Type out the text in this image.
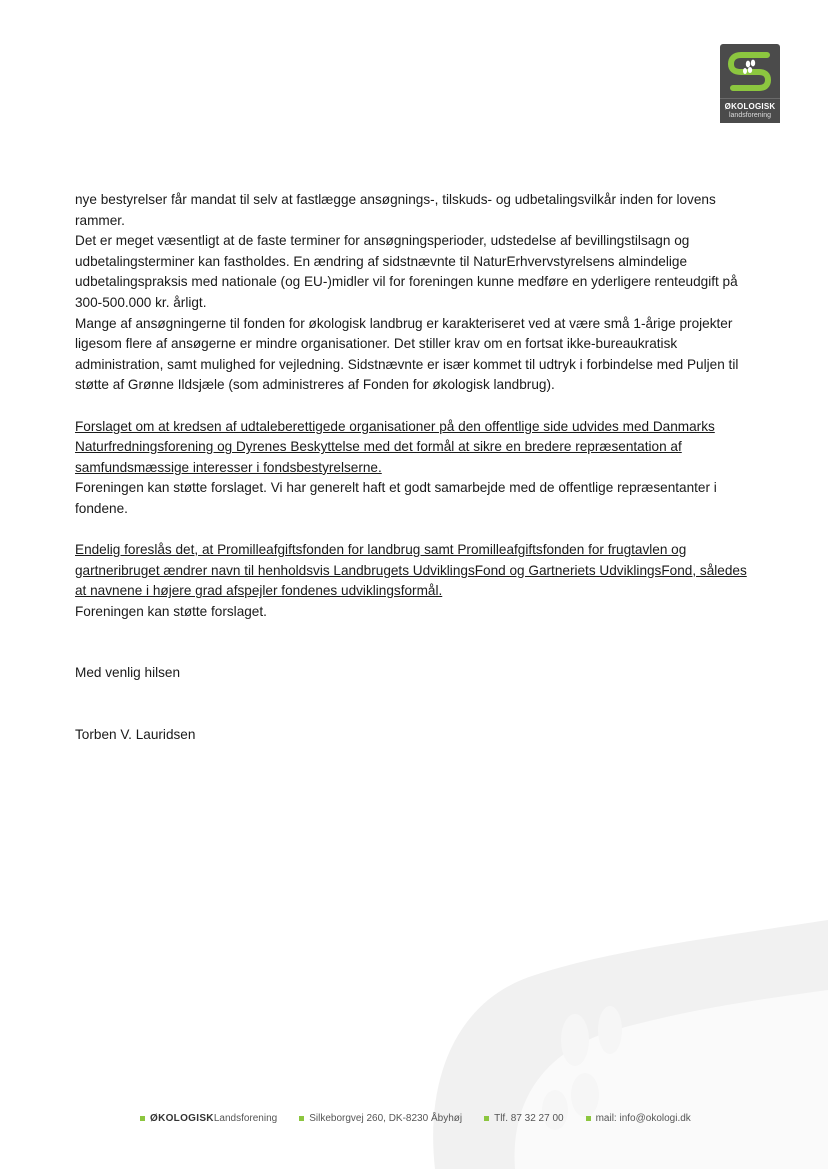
ØKOLOGISK
landsforening

nye bestyrelser får mandat til selv at fastlægge ansøgnings-, tilskuds- og udbetalingsvilkår inden for lovens rammer.

Det er meget væsentligt at de faste terminer for ansøgningsperioder, udstedelse af bevillingstilsagn og udbetalingsterminer kan fastholdes. En ændring af sidstnævnte til NaturErhvervstyrelsens almindelige udbetalingspraksis med nationale (og EU-)midler vil for foreningen kunne medføre en yderligere renteudgift på 300-500.000 kr. årligt.

Mange af ansøgningerne til fonden for økologisk landbrug er karakteriseret ved at være små 1-årige projekter ligesom flere af ansøgerne er mindre organisationer. Det stiller krav om en fortsat ikke-bureaukratisk administration, samt mulighed for vejledning. Sidstnævnte er især kommet til udtryk i forbindelse med Puljen til støtte af Grønne Ildsjæle (som administreres af Fonden for økologisk landbrug).

Forslaget om at kredsen af udtaleberettigede organisationer på den offentlige side udvides med Danmarks Naturfredningsforening og Dyrenes Beskyttelse med det formål at sikre en bredere repræsentation af samfundsmæssige interesser i fondsbestyrelserne.

Foreningen kan støtte forslaget. Vi har generelt haft et godt samarbejde med de offentlige repræsentanter i fondene.

Endelig foreslås det, at Promilleafgiftsfonden for landbrug samt Promilleafgiftsfonden for frugtavlen og gartneribruget ændrer navn til henholdsvis Landbrugets UdviklingsFond og Gartneriets UdviklingsFond, således at navnene i højere grad afspejler fondenes udviklingsformål.

Foreningen kan støtte forslaget.

Med venlig hilsen

Torben V. Lauridsen

ØKOLOGISK Landsforening	Silkeborgvej 260, DK-8230 Åbyhøj	Tlf. 87 32 27 00	mail: info@okologi.dk
